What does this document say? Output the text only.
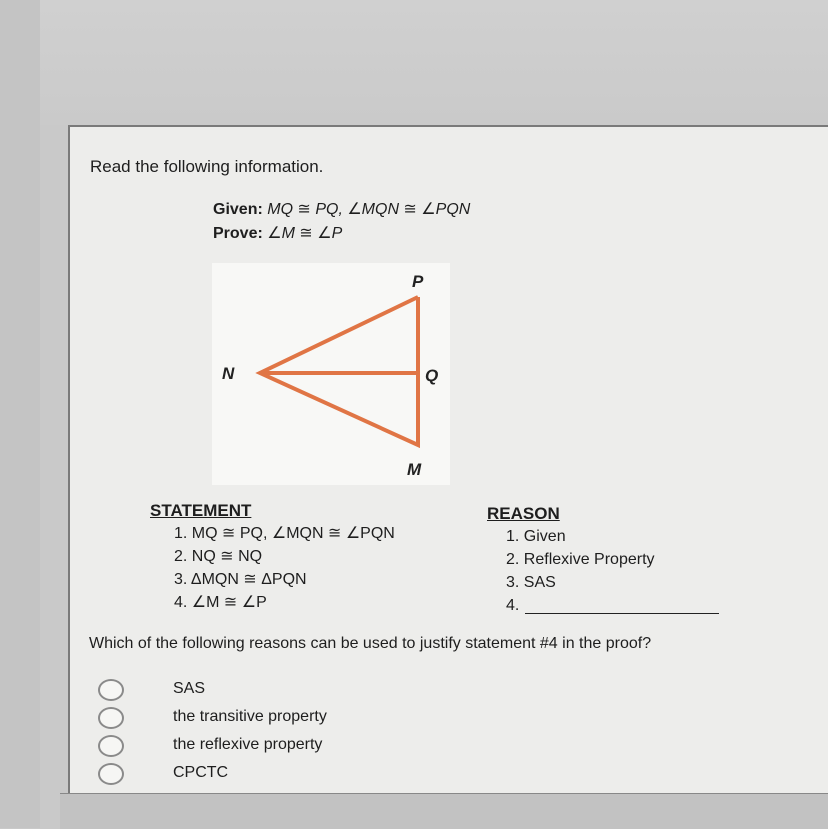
Read the following information.
Given: MQ ≅ PQ, ∠MQN ≅ ∠PQN
Prove: ∠M ≅ ∠P
P
N	Q
M
STATEMENT	REASON
1. MQ ≅ PQ, ∠MQN ≅ ∠PQN
2. NQ ≅ NQ
3. ΔMQN ≅ ΔPQN
4. ∠M ≅ ∠P
1. Given
2. Reflexive Property
3. SAS
4.
Which of the following reasons can be used to justify statement #4 in the proof?
SAS
the transitive property
the reflexive property
CPCTC
